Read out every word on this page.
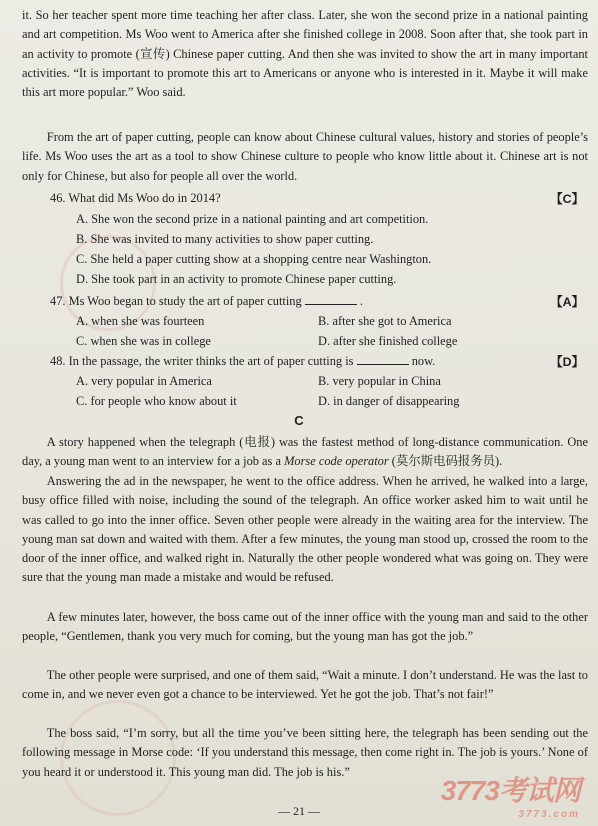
it. So her teacher spent more time teaching her after class. Later, she won the second prize in a national painting and art competition. Ms Woo went to America after she finished college in 2008. Soon after that, she took part in an activity to promote (宣传) Chinese paper cutting. And then she was invited to show the art in many important activities. “It is important to promote this art to Americans or anyone who is interested in it. Maybe it will make this art more popular.” Woo said.

From the art of paper cutting, people can know about Chinese cultural values, history and stories of people’s life. Ms Woo uses the art as a tool to show Chinese culture to people who know little about it. Chinese art is not only for Chinese, but also for people all over the world.

46. What did Ms Woo do in 2014?	【C】
A. She won the second prize in a national painting and art competition.
B. She was invited to many activities to show paper cutting.
C. She held a paper cutting show at a shopping centre near Washington.
D. She took part in an activity to promote Chinese paper cutting.
47. Ms Woo began to study the art of paper cutting	.	【A】
A. when she was fourteen	B. after she got to America
C. when she was in college	D. after she finished college
48. In the passage, the writer thinks the art of paper cutting is	now.	【D】
A. very popular in America	B. very popular in China
C. for people who know about it	D. in danger of disappearing
C

A story happened when the telegraph (电报) was the fastest method of long-distance communication. One day, a young man went to an interview for a job as a Morse code operator (莫尔斯电码报务员).

Answering the ad in the newspaper, he went to the office address. When he arrived, he walked into a large, busy office filled with noise, including the sound of the telegraph. An office worker asked him to wait until he was called to go into the inner office. Seven other people were already in the waiting area for the interview. The young man sat down and waited with them. After a few minutes, the young man stood up, crossed the room to the door of the inner office, and walked right in. Naturally the other people wondered what was going on. They were sure that the young man made a mistake and would be refused.

A few minutes later, however, the boss came out of the inner office with the young man and said to the other people, “Gentlemen, thank you very much for coming, but the young man has got the job.”

The other people were surprised, and one of them said, “Wait a minute. I don’t understand. He was the last to come in, and we never even got a chance to be interviewed. Yet he got the job. That’s not fair!”

The boss said, “I’m sorry, but all the time you’ve been sitting here, the telegraph has been sending out the following message in Morse code: ‘If you understand this message, then come right in. The job is yours.’ None of you heard it or understood it. This young man did. The job is his.”

— 21 —
3773考试网
3773.com
